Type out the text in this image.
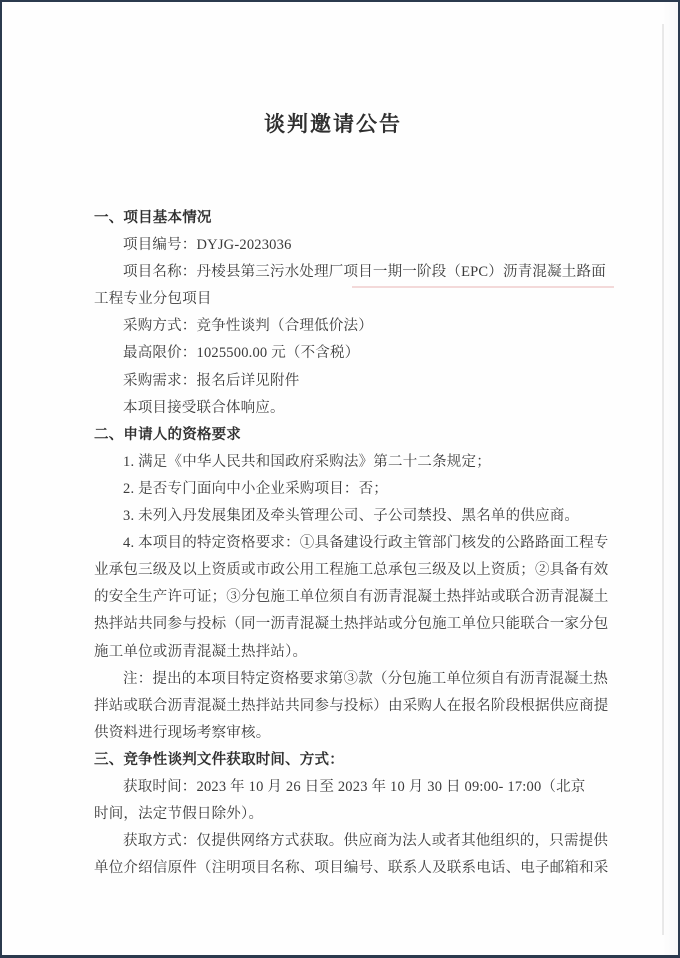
谈判邀请公告
一、项目基本情况
项目编号：DYJG-2023036
项目名称：丹棱县第三污水处理厂项目一期一阶段（EPC）沥青混凝土路面
工程专业分包项目
采购方式：竞争性谈判（合理低价法）
最高限价：1025500.00 元（不含税）
采购需求：报名后详见附件
本项目接受联合体响应。
二、申请人的资格要求
1. 满足《中华人民共和国政府采购法》第二十二条规定；
2. 是否专门面向中小企业采购项目：否；
3. 未列入丹发展集团及牵头管理公司、子公司禁投、黑名单的供应商。
4. 本项目的特定资格要求：①具备建设行政主管部门核发的公路路面工程专
业承包三级及以上资质或市政公用工程施工总承包三级及以上资质；②具备有效
的安全生产许可证；③分包施工单位须自有沥青混凝土热拌站或联合沥青混凝土
热拌站共同参与投标（同一沥青混凝土热拌站或分包施工单位只能联合一家分包
施工单位或沥青混凝土热拌站）。
注：提出的本项目特定资格要求第③款（分包施工单位须自有沥青混凝土热
拌站或联合沥青混凝土热拌站共同参与投标）由采购人在报名阶段根据供应商提
供资料进行现场考察审核。
三、竞争性谈判文件获取时间、方式：
获取时间：2023 年 10 月 26 日至 2023 年 10 月 30 日 09:00- 17:00（北京
时间，法定节假日除外）。
获取方式：仅提供网络方式获取。供应商为法人或者其他组织的，只需提供
单位介绍信原件（注明项目名称、项目编号、联系人及联系电话、电子邮箱和采
